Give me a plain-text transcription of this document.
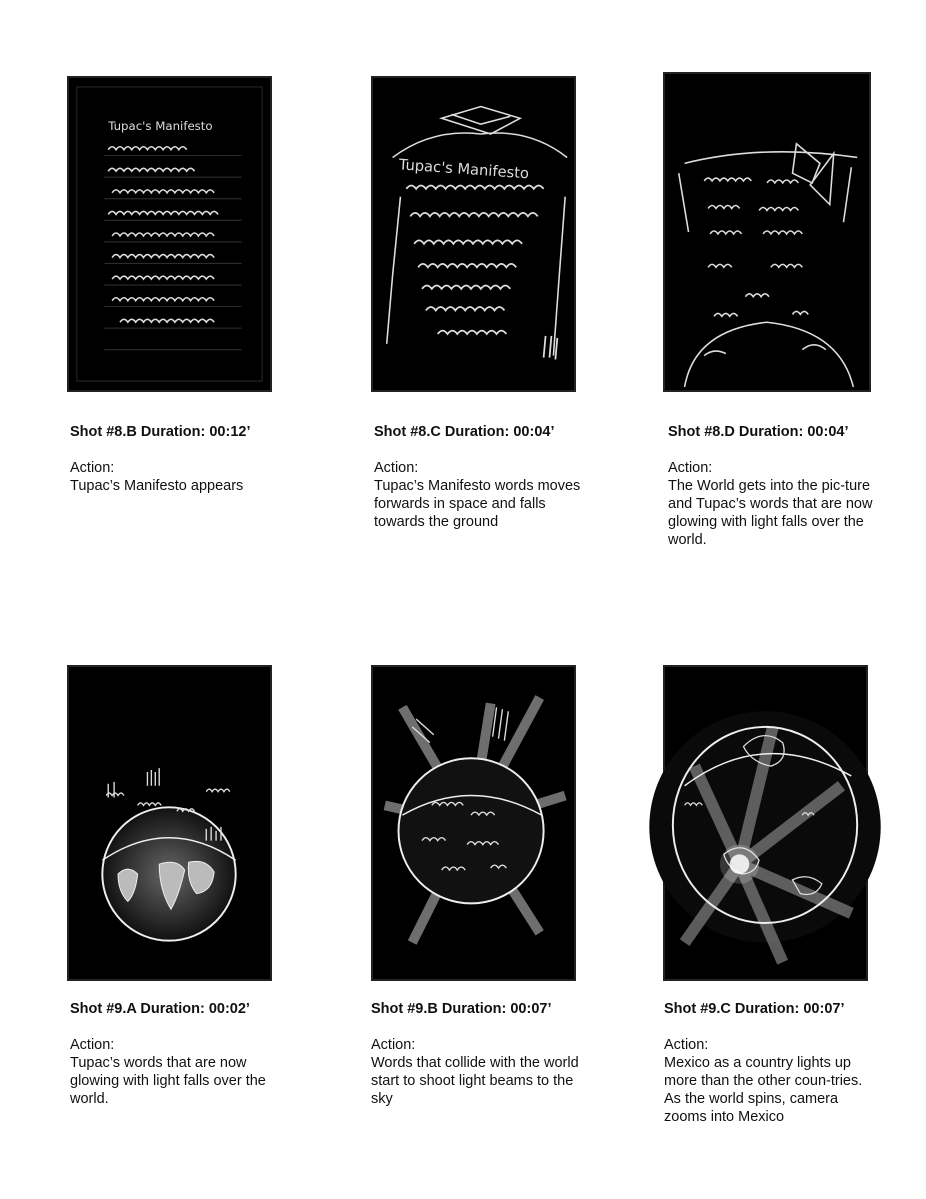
Tupac's Manifesto
Tupac's Manifesto
Shot #8.B Duration: 00:12’
Action:
Tupac’s Manifesto appears
Shot #8.C Duration: 00:04’
Action:
Tupac’s Manifesto words moves forwards in space and falls towards the ground
Shot #8.D Duration: 00:04’
Action:
The World gets into the pic-ture and Tupac’s words that are now glowing with light falls over the world.
Shot #9.A Duration: 00:02’
Action:
Tupac’s words that are now glowing with light falls over the world.
Shot #9.B Duration: 00:07’
Action:
Words that collide with the world start to shoot light beams to the sky
Shot #9.C Duration: 00:07’
Action:
Mexico as a country lights up more than the other coun-tries. As the world spins, camera zooms into Mexico
